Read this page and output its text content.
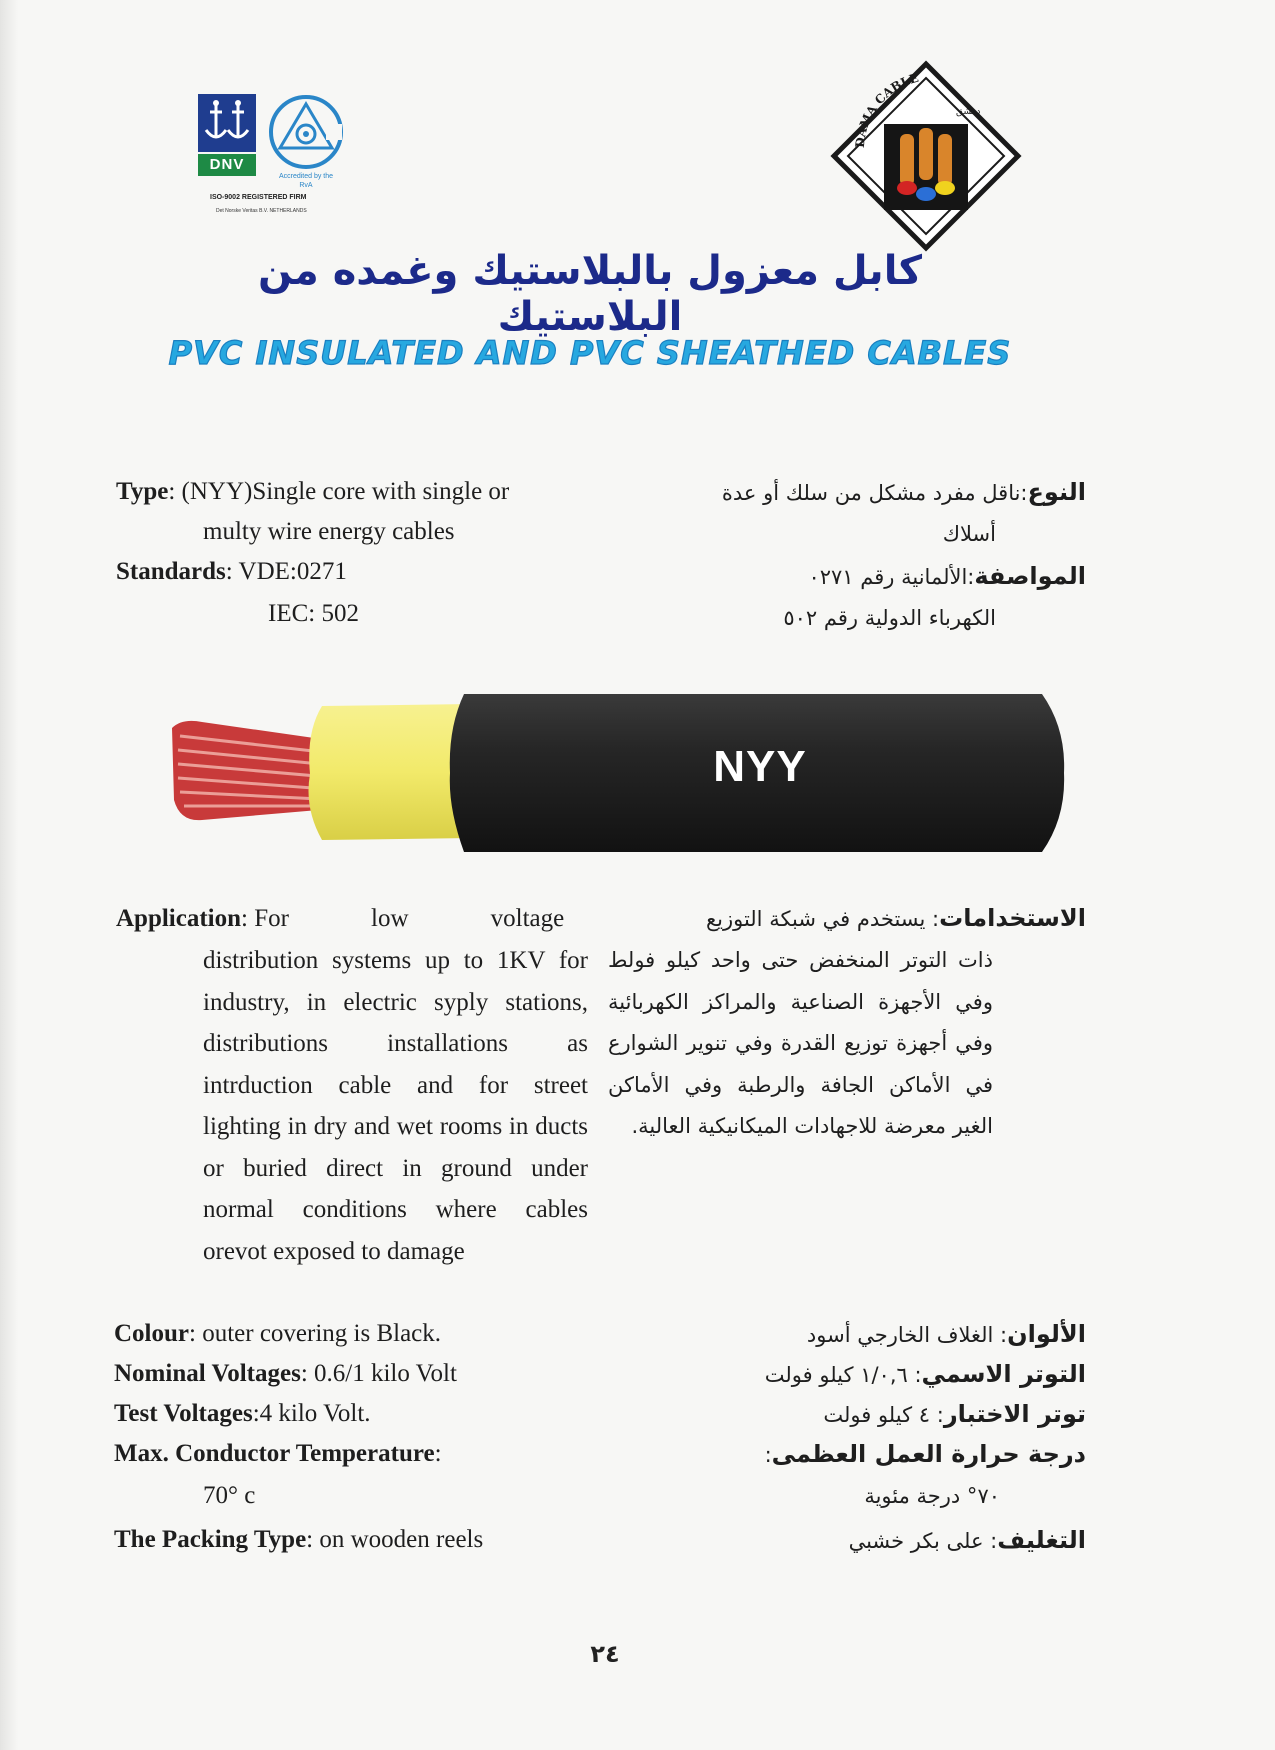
DNV
Accredited by the RvA
ISO-9002 REGISTERED FIRM
Det Norske Veritas B.V. NETHERLANDS
DAMA CABLE
دمشق
كابل معزول بالبلاستيك وغمده من البلاستيك
PVC INSULATED AND PVC SHEATHED CABLES
Type: (NYY)Single core with single or
multy wire energy cables
Standards: VDE:0271
IEC: 502
النوع:ناقل مفرد مشكل من سلك أو عدة
أسلاك
المواصفة:الألمانية رقم ٠٢٧١
الكهرباء الدولية رقم ٥٠٢
NYY
Application: For low voltage
distribution systems up to 1KV for industry, in electric syply stations, distributions installations as intrduction cable and for street lighting in dry and wet rooms in ducts or buried direct in ground under normal conditions where cables orevot exposed to damage
الاستخدامات: يستخدم في شبكة التوزيع
ذات التوتر المنخفض حتى واحد كيلو فولط وفي الأجهزة الصناعية والمراكز الكهربائية وفي أجهزة توزيع القدرة وفي تنوير الشوارع في الأماكن الجافة والرطبة وفي الأماكن الغير معرضة للاجهادات الميكانيكية العالية.
Colour: outer covering is Black.
Nominal Voltages: 0.6/1 kilo Volt
Test Voltages:4 kilo Volt.
Max. Conductor Temperature:
70° c
The Packing Type: on wooden reels
الألوان: الغلاف الخارجي أسود
التوتر الاسمي: ١/٠,٦ كيلو فولت
توتر الاختبار: ٤ كيلو فولت
درجة حرارة العمل العظمى:
٧٠° درجة مئوية
التغليف: على بكر خشبي
٢٤
